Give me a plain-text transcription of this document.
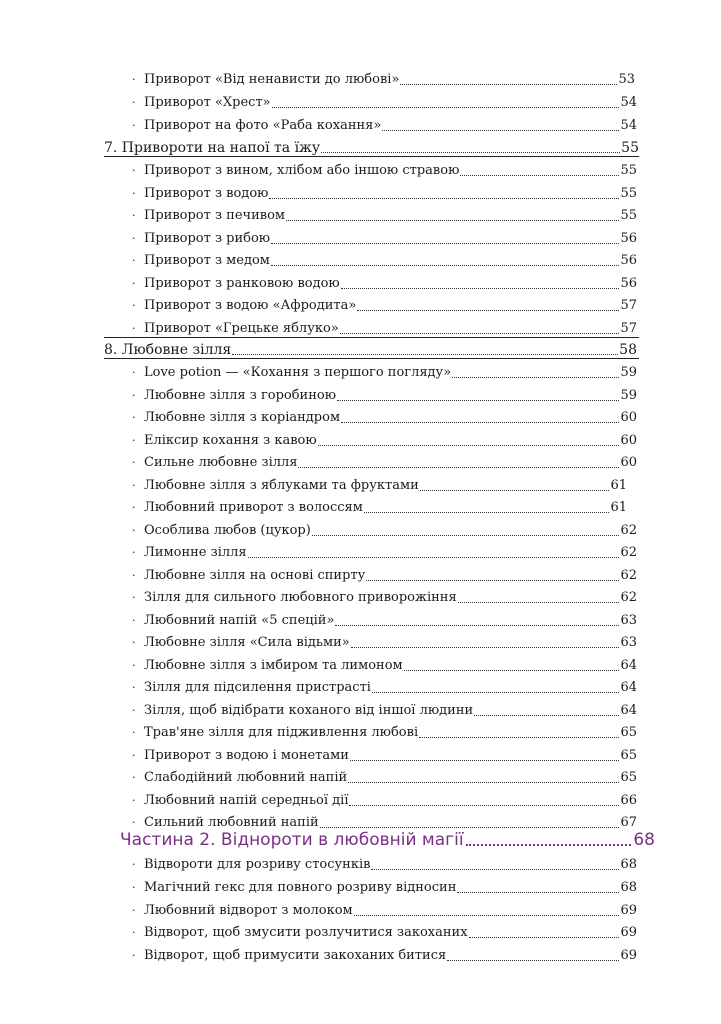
· Приворот «Від ненависти до любові»	53
· Приворот «Хрест»	54
· Приворот на фото «Раба кохання»	54
7. Привороти на напої та їжу	55
· Приворот з вином, хлібом або іншою стравою	55
· Приворот з водою	55
· Приворот з печивом	55
· Приворот з рибою	56
· Приворот з медом	56
· Приворот з ранковою водою	56
· Приворот з водою «Афродита»	57
· Приворот «Грецьке яблуко»	57
8. Любовне зілля	58
· Love potion — «Кохання з першого погляду»	59
· Любовне зілля з горобиною	59
· Любовне зілля з коріандром	60
· Еліксир кохання з кавою	60
· Сильне любовне зілля	60
· Любовне зілля з яблуками та фруктами	61
· Любовний приворот з волоссям	61
· Особлива любов (цукор)	62
· Лимонне зілля	62
· Любовне зілля на основі спирту	62
· Зілля для сильного любовного приворожіння	62
· Любовний напій «5 спецій»	63
· Любовне зілля «Сила відьми»	63
· Любовне зілля з імбиром та лимоном	64
· Зілля для підсилення пристрасті	64
· Зілля, щоб відібрати коханого від іншої людини	64
· Трав'яне зілля для підживлення любові	65
· Приворот з водою і монетами	65
· Слабодійний любовний напій	65
· Любовний напій середньої дії	66
· Сильний любовний напій	67
Частина 2. Віднороти в любовній магії	68
· Відвороти для розриву стосунків	68
· Магічний гекс для повного розриву відносин	68
· Любовний відворот з молоком	69
· Відворот, щоб змусити розлучитися закоханих	69
· Відворот, щоб примусити закоханих битися	69
